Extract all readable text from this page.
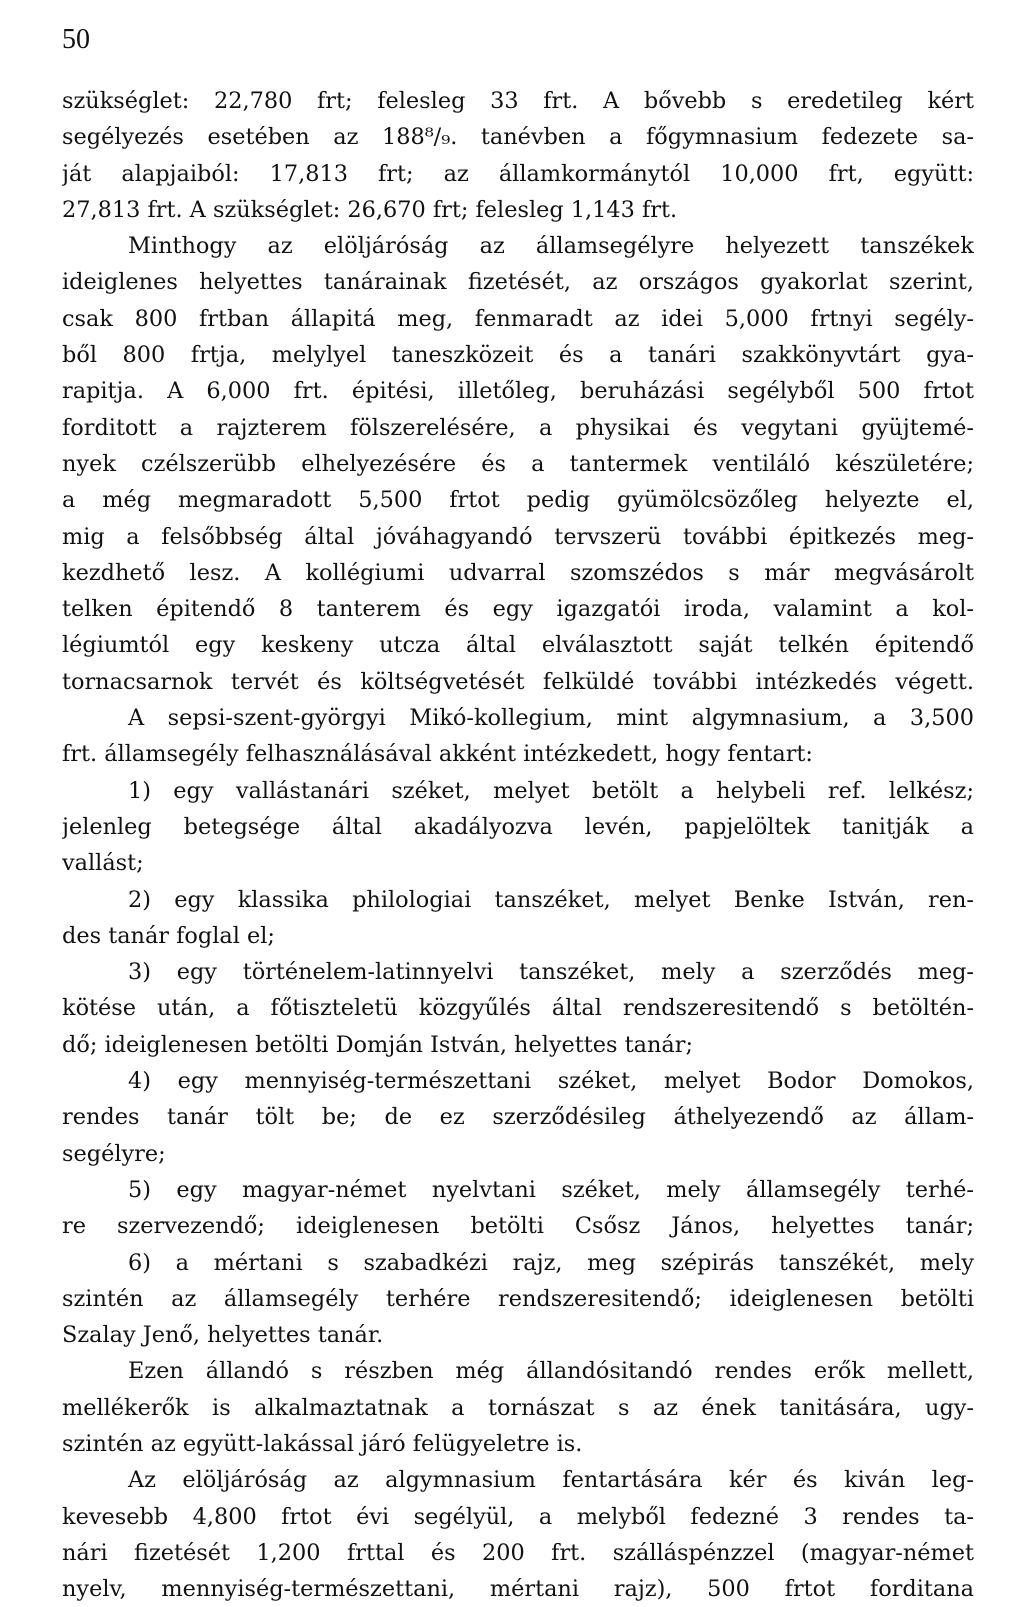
50
szükséglet: 22,780 frt; felesleg 33 frt. A bővebb s eredetileg kért
segélyezés esetében az 188⁸/₉. tanévben a főgymnasium fedezete sa-
ját alapjaiból: 17,813 frt; az államkormánytól 10,000 frt, együtt:
27,813 frt. A szükséglet: 26,670 frt; felesleg 1,143 frt.
Minthogy az elöljáróság az államsegélyre helyezett tanszékek
ideiglenes helyettes tanárainak fizetését, az országos gyakorlat szerint,
csak 800 frtban állapitá meg, fenmaradt az idei 5,000 frtnyi segély-
ből 800 frtja, melylyel taneszközeit és a tanári szakkönyvtárt gya-
rapitja. A 6,000 frt. épitési, illetőleg, beruházási segélyből 500 frtot
forditott a rajzterem fölszerelésére, a physikai és vegytani gyüjtemé-
nyek czélszerübb elhelyezésére és a tantermek ventiláló készületére;
a még megmaradott 5,500 frtot pedig gyümölcsözőleg helyezte el,
mig a felsőbbség által jóváhagyandó tervszerü további épitkezés meg-
kezdhető lesz. A kollégiumi udvarral szomszédos s már megvásárolt
telken épitendő 8 tanterem és egy igazgatói iroda, valamint a kol-
légiumtól egy keskeny utcza által elválasztott saját telkén épitendő
tornacsarnok tervét és költségvetését felküldé további intézkedés végett.
A sepsi-szent-györgyi Mikó-kollegium, mint algymnasium, a 3,500
frt. államsegély felhasználásával akként intézkedett, hogy fentart:
1) egy vallástanári széket, melyet betölt a helybeli ref. lelkész;
jelenleg betegsége által akadályozva levén, papjelöltek tanitják a
vallást;
2) egy klassika philologiai tanszéket, melyet Benke István, ren-
des tanár foglal el;
3) egy történelem-latinnyelvi tanszéket, mely a szerződés meg-
kötése után, a főtiszteletü közgyűlés által rendszeresitendő s betöltén-
dő; ideiglenesen betölti Domján István, helyettes tanár;
4) egy mennyiség-természettani széket, melyet Bodor Domokos,
rendes tanár tölt be; de ez szerződésileg áthelyezendő az állam-
segélyre;
5) egy magyar-német nyelvtani széket, mely államsegély terhé-
re szervezendő; ideiglenesen betölti Csősz János, helyettes tanár;
6) a mértani s szabadkézi rajz, meg szépirás tanszékét, mely
szintén az államsegély terhére rendszeresitendő; ideiglenesen betölti
Szalay Jenő, helyettes tanár.
Ezen állandó s részben még állandósitandó rendes erők mellett,
mellékerők is alkalmaztatnak a tornászat s az ének tanitására, ugy-
szintén az együtt-lakással járó felügyeletre is.
Az elöljáróság az algymnasium fentartására kér és kiván leg-
kevesebb 4,800 frtot évi segélyül, a melyből fedezné 3 rendes ta-
nári fizetését 1,200 frttal és 200 frt. szálláspénzzel (magyar-német
nyelv, mennyiség-természettani, mértani rajz), 500 frtot forditana
